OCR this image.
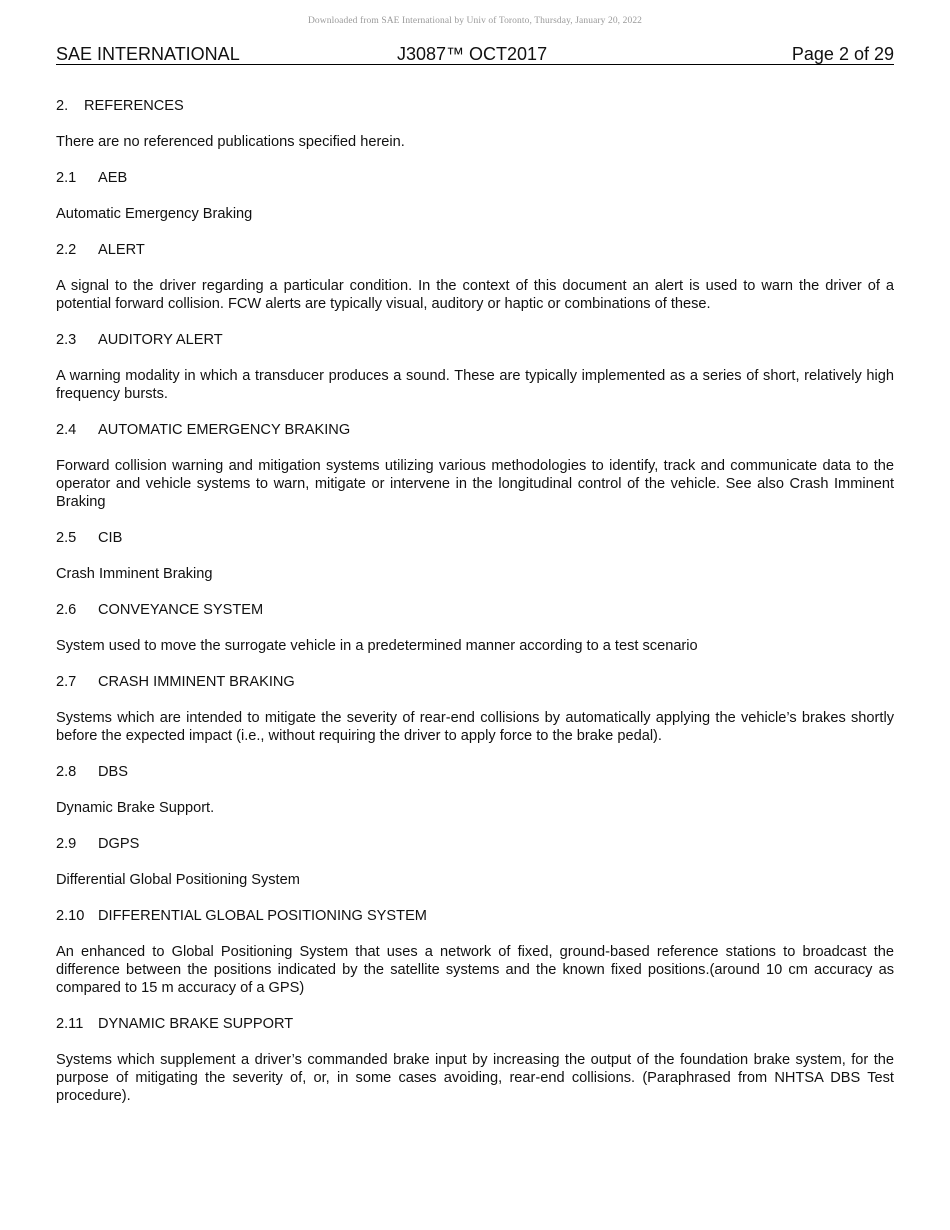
Downloaded from SAE International by Univ of Toronto, Thursday, January 20, 2022
SAE INTERNATIONAL	J3087™ OCT2017	Page 2 of 29
2. REFERENCES

There are no referenced publications specified herein.

2.1 AEB

Automatic Emergency Braking

2.2 ALERT

A signal to the driver regarding a particular condition. In the context of this document an alert is used to warn the driver of a potential forward collision. FCW alerts are typically visual, auditory or haptic or combinations of these.

2.3 AUDITORY ALERT

A warning modality in which a transducer produces a sound. These are typically implemented as a series of short, relatively high frequency bursts.

2.4 AUTOMATIC EMERGENCY BRAKING

Forward collision warning and mitigation systems utilizing various methodologies to identify, track and communicate data to the operator and vehicle systems to warn, mitigate or intervene in the longitudinal control of the vehicle. See also Crash Imminent Braking

2.5 CIB

Crash Imminent Braking

2.6 CONVEYANCE SYSTEM

System used to move the surrogate vehicle in a predetermined manner according to a test scenario

2.7 CRASH IMMINENT BRAKING

Systems which are intended to mitigate the severity of rear-end collisions by automatically applying the vehicle’s brakes shortly before the expected impact (i.e., without requiring the driver to apply force to the brake pedal).

2.8 DBS

Dynamic Brake Support.

2.9 DGPS

Differential Global Positioning System

2.10 DIFFERENTIAL GLOBAL POSITIONING SYSTEM

An enhanced to Global Positioning System that uses a network of fixed, ground-based reference stations to broadcast the difference between the positions indicated by the satellite systems and the known fixed positions.(around 10 cm accuracy as compared to 15 m accuracy of a GPS)

2.11 DYNAMIC BRAKE SUPPORT

Systems which supplement a driver’s commanded brake input by increasing the output of the foundation brake system, for the purpose of mitigating the severity of, or, in some cases avoiding, rear-end collisions. (Paraphrased from NHTSA DBS Test procedure).
